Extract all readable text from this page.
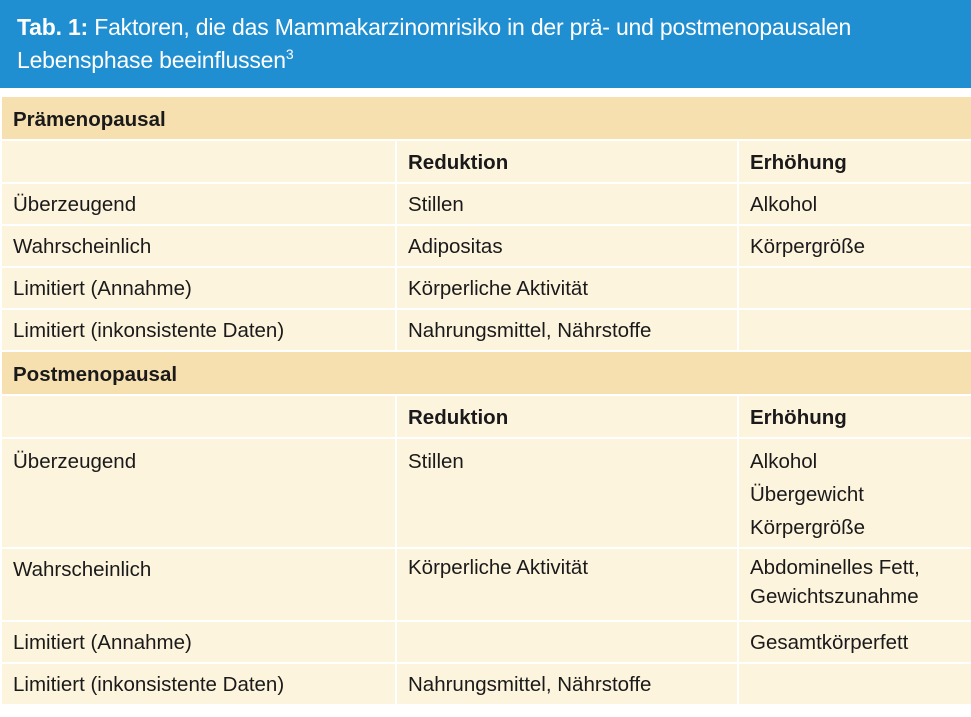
Tab. 1: Faktoren, die das Mammakarzinomrisiko in der prä- und postmenopausalen
Lebensphase beeinflussen$^3$
Prämenopausal		
	Reduktion	Erhöhung
Überzeugend	Stillen	Alkohol

Wahrscheinlich	Adipositas	Körpergröße

Limitiert (Annahme)	Körperliche Aktivität	

Limitiert (inkonsistente Daten)	Nahrungsmittel, Nährstoffe	

Postmenopausal		
	Reduktion	Erhöhung
Überzeugend	Stillen	Alkohol
Übergewicht
Körpergröße

Wahrscheinlich	Körperliche Aktivität	Abdominelles Fett,
Gewichtszunahme

Limitiert (Annahme)		Gesamtkörperfett

Limitiert (inkonsistente Daten)	Nahrungsmittel, Nährstoffe	
